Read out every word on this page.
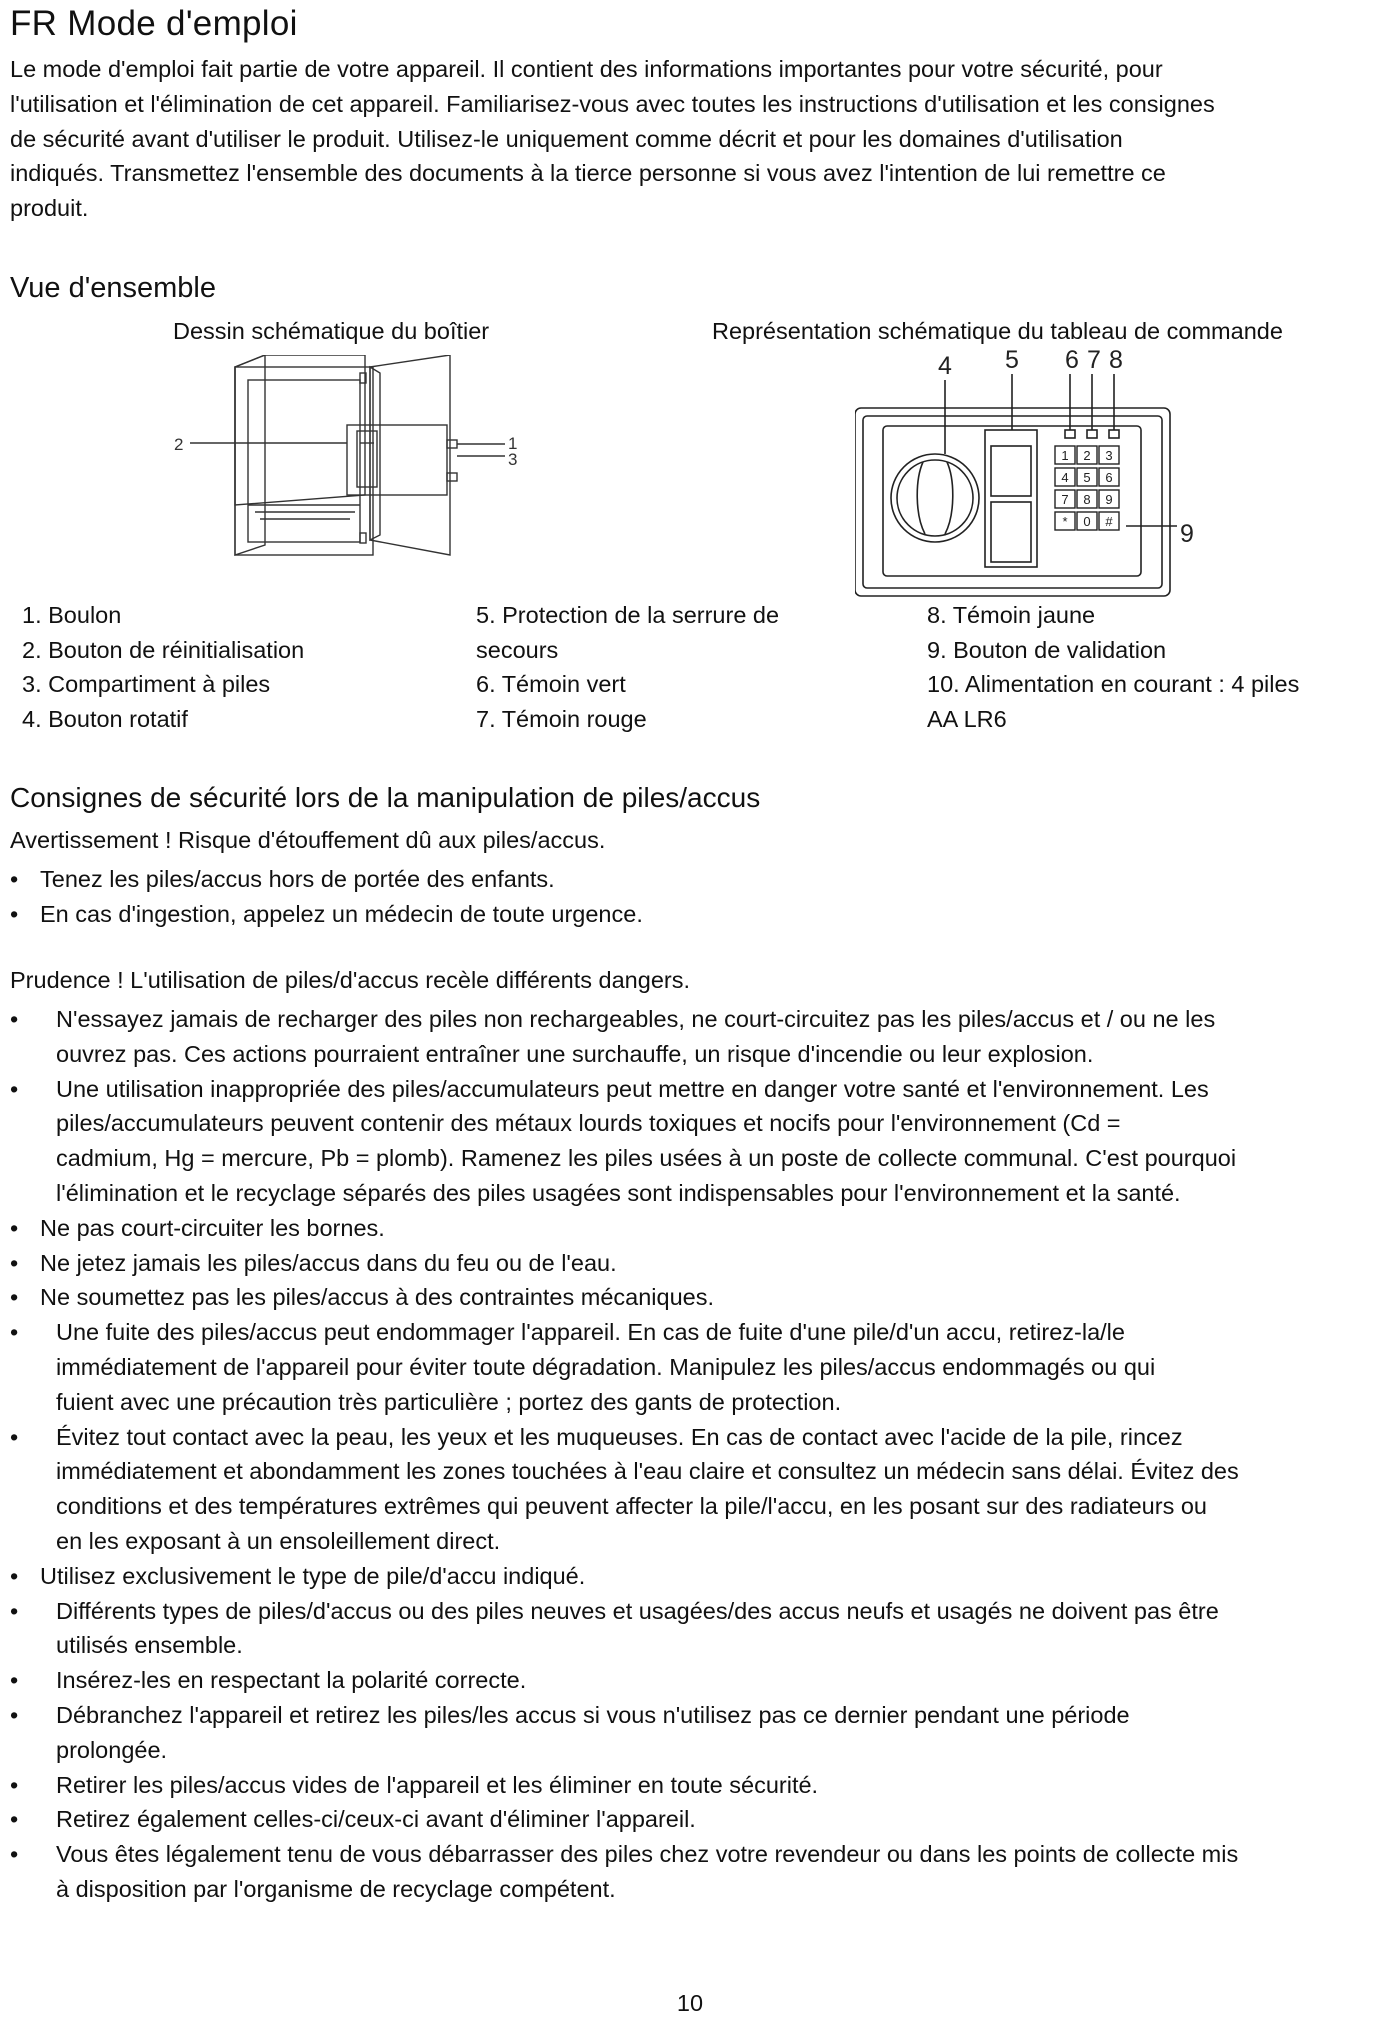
FR Mode d'emploi
Le mode d'emploi fait partie de votre appareil. Il contient des informations importantes pour votre sécurité, pour
l'utilisation et l'élimination de cet appareil. Familiarisez-vous avec toutes les instructions d'utilisation et les consignes
de sécurité avant d'utiliser le produit. Utilisez-le uniquement comme décrit et pour les domaines d'utilisation
indiqués. Transmettez l'ensemble des documents à la tierce personne si vous avez l'intention de lui remettre ce
produit.
Vue d'ensemble
Dessin schématique du boîtier	Représentation schématique du tableau de commande
2	1
3
4 5 6 7 8
9
1 2 3
4 5 6
7 8 9
* 0 #
1. Boulon
2. Bouton de réinitialisation
3. Compartiment à piles
4. Bouton rotatif
5. Protection de la serrure de
secours
6. Témoin vert
7. Témoin rouge
8. Témoin jaune
9. Bouton de validation
10. Alimentation en courant : 4 piles
AA LR6
Consignes de sécurité lors de la manipulation de piles/accus
Avertissement ! Risque d'étouffement dû aux piles/accus.
• Tenez les piles/accus hors de portée des enfants.
• En cas d'ingestion, appelez un médecin de toute urgence.
Prudence ! L'utilisation de piles/d'accus recèle différents dangers.
• N'essayez jamais de recharger des piles non rechargeables, ne court-circuitez pas les piles/accus et / ou ne les
ouvrez pas. Ces actions pourraient entraîner une surchauffe, un risque d'incendie ou leur explosion.
• Une utilisation inappropriée des piles/accumulateurs peut mettre en danger votre santé et l'environnement. Les
piles/accumulateurs peuvent contenir des métaux lourds toxiques et nocifs pour l'environnement (Cd =
cadmium, Hg = mercure, Pb = plomb). Ramenez les piles usées à un poste de collecte communal. C'est pourquoi
l'élimination et le recyclage séparés des piles usagées sont indispensables pour l'environnement et la santé.
• Ne pas court-circuiter les bornes.
• Ne jetez jamais les piles/accus dans du feu ou de l'eau.
• Ne soumettez pas les piles/accus à des contraintes mécaniques.
• Une fuite des piles/accus peut endommager l'appareil. En cas de fuite d'une pile/d'un accu, retirez-la/le
immédiatement de l'appareil pour éviter toute dégradation. Manipulez les piles/accus endommagés ou qui
fuient avec une précaution très particulière ; portez des gants de protection.
• Évitez tout contact avec la peau, les yeux et les muqueuses. En cas de contact avec l'acide de la pile, rincez
immédiatement et abondamment les zones touchées à l'eau claire et consultez un médecin sans délai. Évitez des
conditions et des températures extrêmes qui peuvent affecter la pile/l'accu, en les posant sur des radiateurs ou
en les exposant à un ensoleillement direct.
• Utilisez exclusivement le type de pile/d'accu indiqué.
• Différents types de piles/d'accus ou des piles neuves et usagées/des accus neufs et usagés ne doivent pas être
utilisés ensemble.
• Insérez-les en respectant la polarité correcte.
• Débranchez l'appareil et retirez les piles/les accus si vous n'utilisez pas ce dernier pendant une période
prolongée.
• Retirer les piles/accus vides de l'appareil et les éliminer en toute sécurité.
• Retirez également celles-ci/ceux-ci avant d'éliminer l'appareil.
• Vous êtes légalement tenu de vous débarrasser des piles chez votre revendeur ou dans les points de collecte mis
à disposition par l'organisme de recyclage compétent.
10
